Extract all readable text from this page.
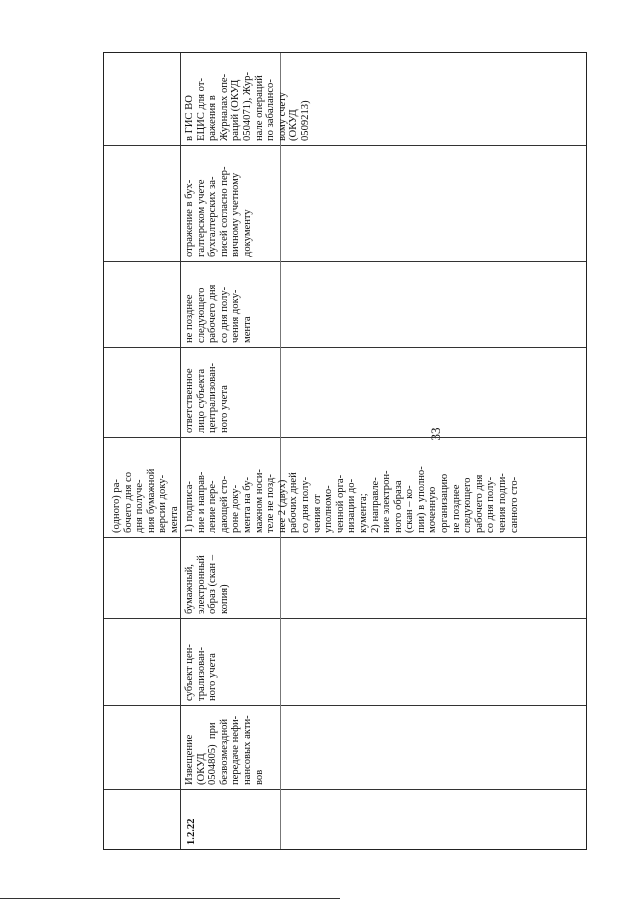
33
(одного) ра-
бочего дня со
дня получе-
ния бумажной
версии доку-
мента
1.2.22
Извещение
(ОКУД
0504805)  при
безвозмездной
передаче нефи-
нансовых акти-
вов
субъект цен-
трализован-
ного учета
бумажный,
электронный
образ (скан –
копия)
1) подписа-
ние и направ-
ление пере-
дающей сто-
роне доку-
мента на бу-
мажном носи-
теле не позд-
нее 2 (двух)
рабочих дней
со дня полу-
чения от
уполномо-
ченной орга-
низации до-
кумента;
2) направле-
ние электрон-
ного образа
(скан – ко-
пии) в уполно-
моченную
организацию
не позднее
следующего
рабочего дня
со дня полу-
чения подпи-
санного сто-
ответственное
лицо субъекта
централизован-
ного учета
не позднее
следующего
рабочего дня
со дня полу-
чения доку-
мента
отражение в бух-
галтерском учете
бухгалтерских за-
писей согласно пер-
вичному учетному
документу
в ГИС ВО
ЕЦИС для от-
ражения в
Журналах опе-
раций (ОКУД
0504071), Жур-
нале операций
по забалансо-
вому счету
(ОКУД
0509213)
